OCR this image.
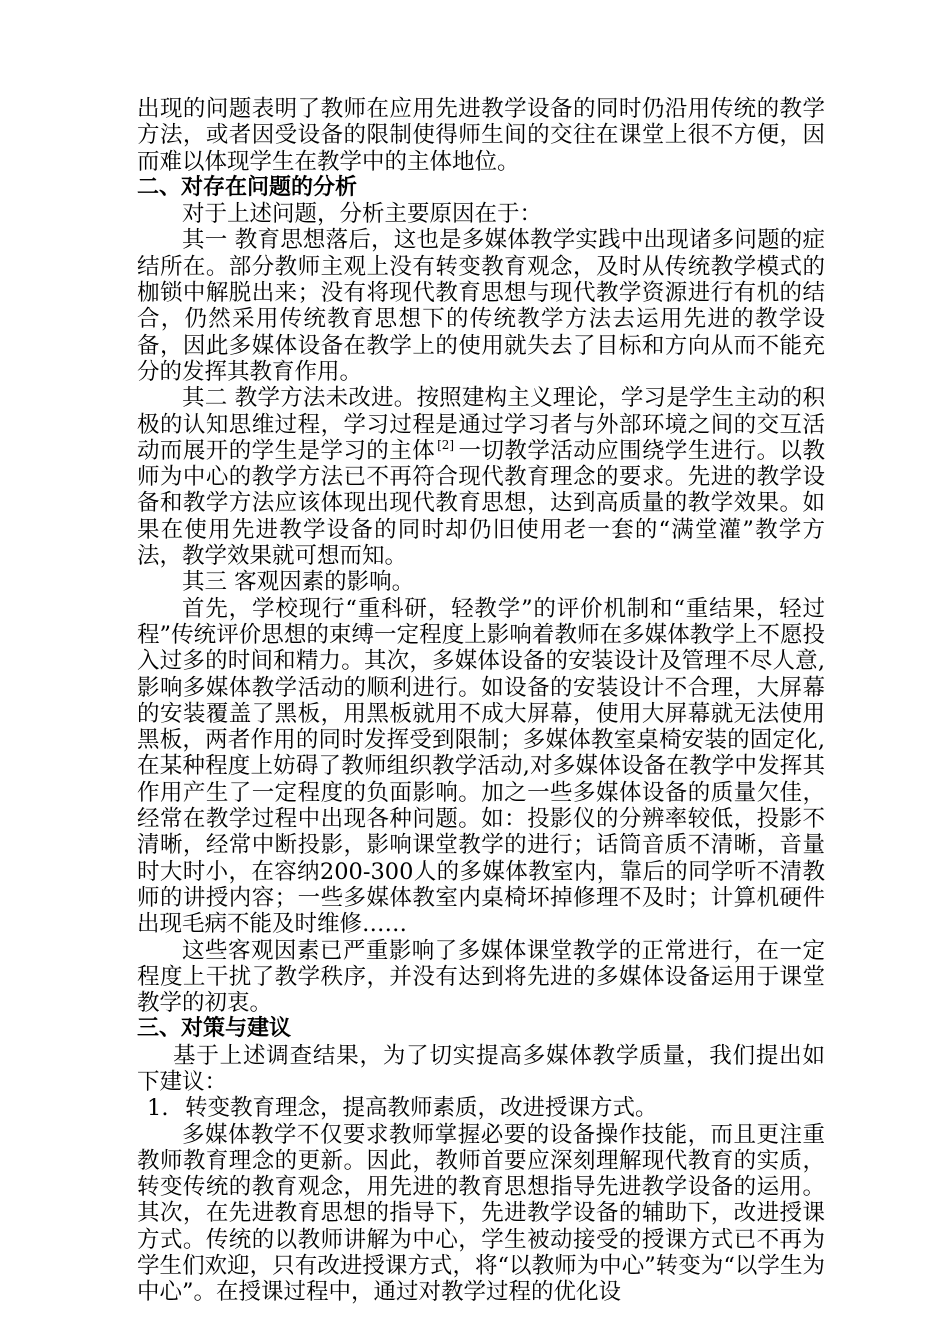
出现的问题表明了教师在应用先进教学设备的同时仍沿用传统的教学方法，或者因受设备的限制使得师生间的交往在课堂上很不方便，因而难以体现学生在教学中的主体地位。

二、对存在问题的分析

对于上述问题，分析主要原因在于：

其一 教育思想落后，这也是多媒体教学实践中出现诸多问题的症结所在。部分教师主观上没有转变教育观念，及时从传统教学模式的枷锁中解脱出来；没有将现代教育思想与现代教学资源进行有机的结合，仍然采用传统教育思想下的传统教学方法去运用先进的教学设备，因此多媒体设备在教学上的使用就失去了目标和方向从而不能充分的发挥其教育作用。

其二 教学方法未改进。按照建构主义理论，学习是学生主动的积极的认知思维过程，学习过程是通过学习者与外部环境之间的交互活动而展开的学生是学习的主体 [2] 一切教学活动应围绕学生进行。以教师为中心的教学方法已不再符合现代教育理念的要求。先进的教学设备和教学方法应该体现出现代教育思想，达到高质量的教学效果。如果在使用先进教学设备的同时却仍旧使用老一套的“满堂灌”教学方法，教学效果就可想而知。

其三 客观因素的影响。

首先，学校现行“重科研，轻教学”的评价机制和“重结果，轻过程”传统评价思想的束缚一定程度上影响着教师在多媒体教学上不愿投入过多的时间和精力。其次，多媒体设备的安装设计及管理不尽人意,影响多媒体教学活动的顺利进行。如设备的安装设计不合理，大屏幕的安装覆盖了黑板，用黑板就用不成大屏幕，使用大屏幕就无法使用黑板，两者作用的同时发挥受到限制；多媒体教室桌椅安装的固定化,在某种程度上妨碍了教师组织教学活动,对多媒体设备在教学中发挥其作用产生了一定程度的负面影响。加之一些多媒体设备的质量欠佳，经常在教学过程中出现各种问题。如：投影仪的分辨率较低，投影不清晰，经常中断投影，影响课堂教学的进行；话筒音质不清晰，音量时大时小，在容纳200-300人的多媒体教室内，靠后的同学听不清教师的讲授内容；一些多媒体教室内桌椅坏掉修理不及时；计算机硬件出现毛病不能及时维修……

这些客观因素已严重影响了多媒体课堂教学的正常进行，在一定程度上干扰了教学秩序，并没有达到将先进的多媒体设备运用于课堂教学的初衷。

三、对策与建议

基于上述调查结果，为了切实提高多媒体教学质量，我们提出如下建议：

1. 转变教育理念，提高教师素质，改进授课方式。

多媒体教学不仅要求教师掌握必要的设备操作技能，而且更注重教师教育理念的更新。因此，教师首要应深刻理解现代教育的实质，转变传统的教育观念，用先进的教育思想指导先进教学设备的运用。其次，在先进教育思想的指导下，先进教学设备的辅助下，改进授课方式。传统的以教师讲解为中心，学生被动接受的授课方式已不再为学生们欢迎，只有改进授课方式，将“以教师为中心”转变为“以学生为中心”。在授课过程中，通过对教学过程的优化设
